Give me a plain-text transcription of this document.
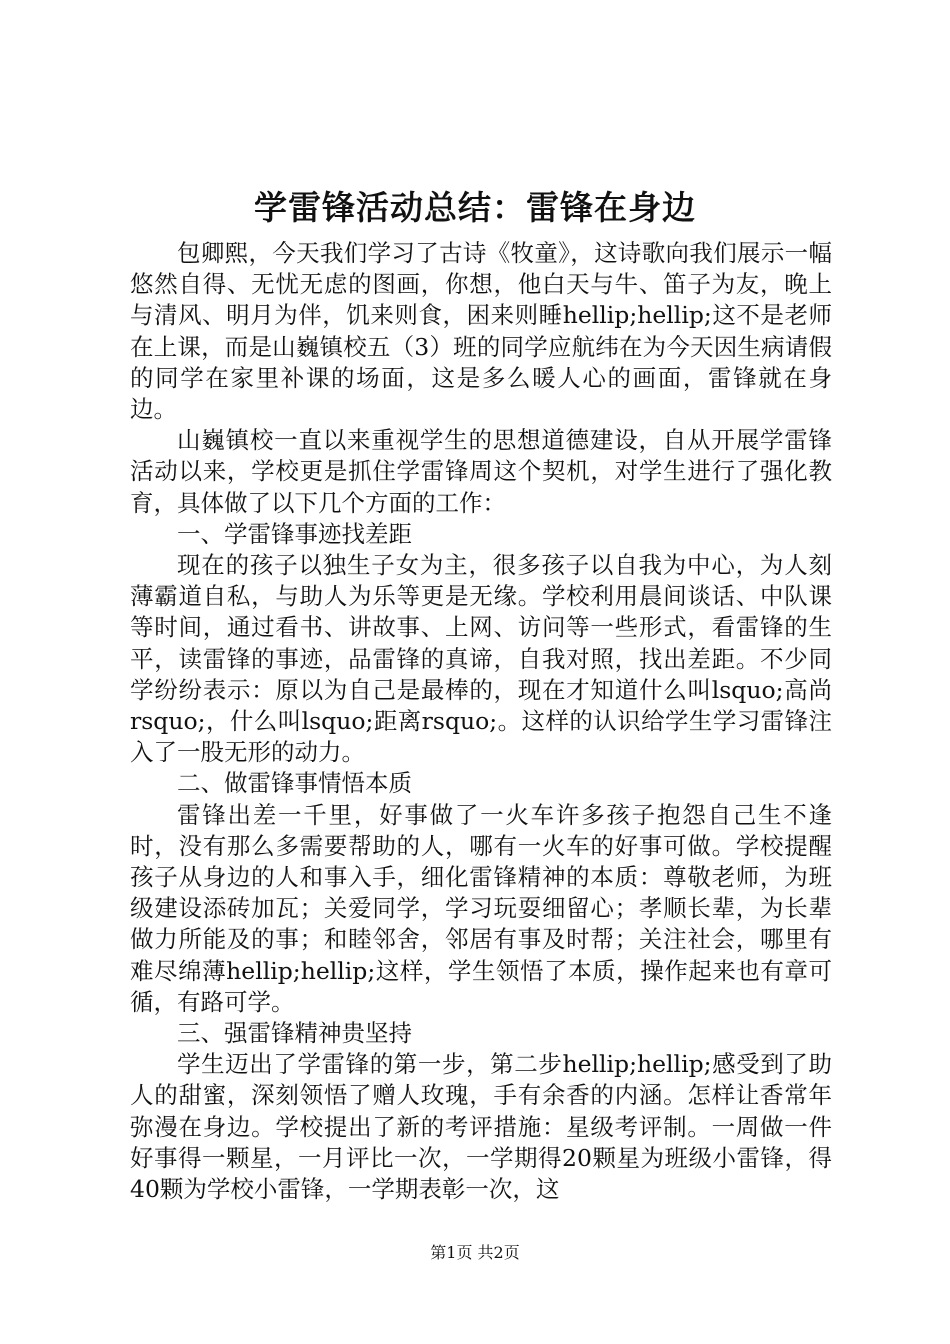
学雷锋活动总结：雷锋在身边

包卿熙，今天我们学习了古诗《牧童》，这诗歌向我们展示一幅悠然自得、无忧无虑的图画，你想，他白天与牛、笛子为友，晚上与清风、明月为伴，饥来则食，困来则睡hellip;hellip;这不是老师在上课，而是山巍镇校五（3）班的同学应航纬在为今天因生病请假的同学在家里补课的场面，这是多么暖人心的画面，雷锋就在身边。

山巍镇校一直以来重视学生的思想道德建设，自从开展学雷锋活动以来，学校更是抓住学雷锋周这个契机，对学生进行了强化教育，具体做了以下几个方面的工作：

一、学雷锋事迹找差距

现在的孩子以独生子女为主，很多孩子以自我为中心，为人刻薄霸道自私，与助人为乐等更是无缘。学校利用晨间谈话、中队课等时间，通过看书、讲故事、上网、访问等一些形式，看雷锋的生平，读雷锋的事迹，品雷锋的真谛，自我对照，找出差距。不少同学纷纷表示：原以为自己是最棒的，现在才知道什么叫lsquo;高尚rsquo;，什么叫lsquo;距离rsquo;。这样的认识给学生学习雷锋注入了一股无形的动力。

二、做雷锋事情悟本质

雷锋出差一千里，好事做了一火车许多孩子抱怨自己生不逢时，没有那么多需要帮助的人，哪有一火车的好事可做。学校提醒孩子从身边的人和事入手，细化雷锋精神的本质：尊敬老师，为班级建设添砖加瓦；关爱同学，学习玩耍细留心；孝顺长辈，为长辈做力所能及的事；和睦邻舍，邻居有事及时帮；关注社会，哪里有难尽绵薄hellip;hellip;这样，学生领悟了本质，操作起来也有章可循，有路可学。

三、强雷锋精神贵坚持

学生迈出了学雷锋的第一步，第二步hellip;hellip;感受到了助人的甜蜜，深刻领悟了赠人玫瑰，手有余香的内涵。怎样让香常年弥漫在身边。学校提出了新的考评措施：星级考评制。一周做一件好事得一颗星，一月评比一次，一学期得20颗星为班级小雷锋，得40颗为学校小雷锋，一学期表彰一次，这

第1页 共2页
